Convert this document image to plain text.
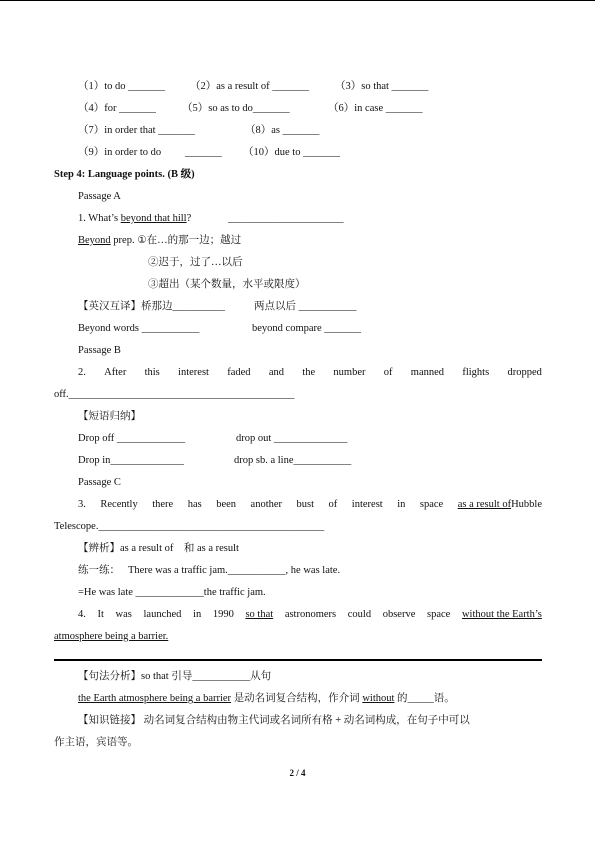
（1）to do _______ （2）as a result of _______ （3）so that _______
（4）for _______ （5）so as to do_______	（6）in case _______
（7）in order that _______	（8）as _______
（9）in order to do _______ （10）due to _______
Step 4: Language points. (B 级)
Passage A
1. What’s beyond that hill?	______________________
Beyond prep. ①在…的那一边；越过
②迟于，过了…以后
③超出（某个数量，水平或限度）
【英汉互译】桥那边__________	两点以后 ___________
Beyond words ___________	beyond compare _______
Passage B
2. After this interest faded and the number of manned flights dropped
off.___________________________________________
【短语归纳】
Drop off _____________	drop out ______________
Drop in______________	drop sb. a line___________
Passage C
3. Recently there has been another bust of interest in space as a result ofHubble
Telescope.___________________________________________
【辨析】as a result of　和 as a result
练一练： There was a traffic jam.___________, he was late.
=He was late _____________the traffic jam.
4. It was launched in 1990 so that astronomers could observe space without the Earth’s
atmosphere being a barrier.
【句法分析】so that 引导___________从句
the Earth atmosphere being a barrier 是动名词复合结构，作介词 without 的_____语。
【知识链接】 动名词复合结构由物主代词或名词所有格 + 动名词构成，在句子中可以
作主语，宾语等。
2 / 4
